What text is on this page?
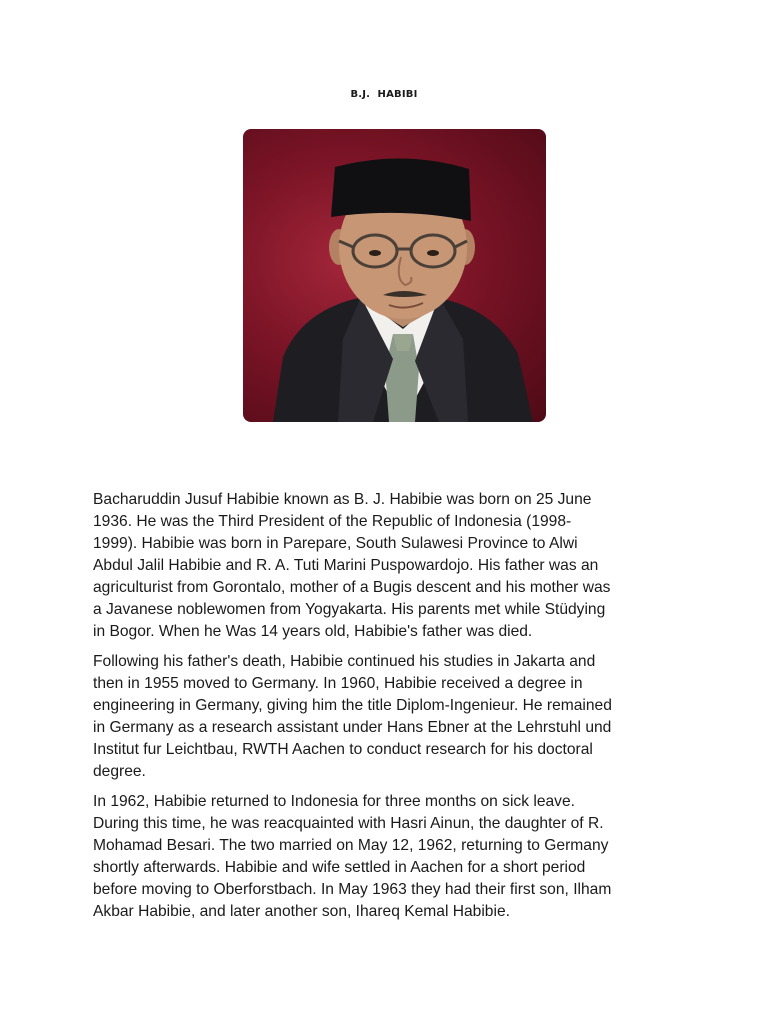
B.J.  HABIBI

Bacharuddin Jusuf Habibie known as B. J. Habibie was born on 25 June
1936. He was the Third President of the Republic of Indonesia (1998-
1999). Habibie was born in Parepare, South Sulawesi Province to Alwi
Abdul Jalil Habibie and R. A. Tuti Marini Puspowardojo. His father was an
agriculturist from Gorontalo, mother of a Bugis descent and his mother was
a Javanese noblewomen from Yogyakarta. His parents met while Stüdying
in Bogor. When he Was 14 years old, Habibie's father was died.

Following his father's death, Habibie continued his studies in Jakarta and
then in 1955 moved to Germany. In 1960, Habibie received a degree in
engineering in Germany, giving him the title Diplom-Ingenieur. He remained
in Germany as a research assistant under Hans Ebner at the Lehrstuhl und
Institut fur Leichtbau, RWTH Aachen to conduct research for his doctoral
degree.

In 1962, Habibie returned to Indonesia for three months on sick leave.
During this time, he was reacquainted with Hasri Ainun, the daughter of R.
Mohamad Besari. The two married on May 12, 1962, returning to Germany
shortly afterwards. Habibie and wife settled in Aachen for a short period
before moving to Oberforstbach. In May 1963 they had their first son, Ilham
Akbar Habibie, and later another son, Ihareq Kemal Habibie.
